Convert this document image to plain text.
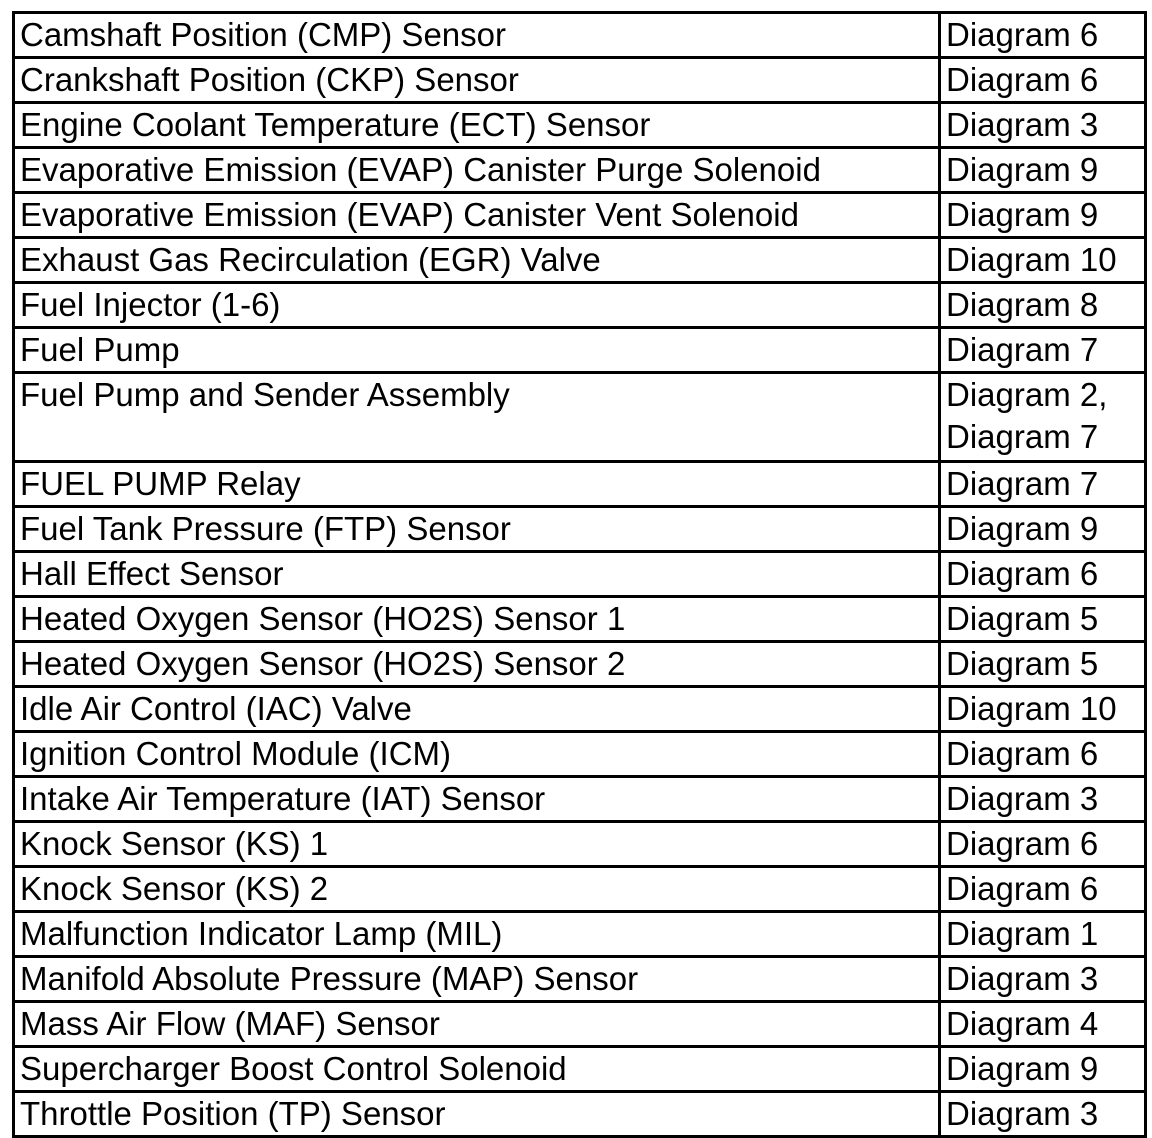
Camshaft Position (CMP) Sensor	Diagram 6

Crankshaft Position (CKP) Sensor	Diagram 6

Engine Coolant Temperature (ECT) Sensor	Diagram 3

Evaporative Emission (EVAP) Canister Purge Solenoid	Diagram 9

Evaporative Emission (EVAP) Canister Vent Solenoid	Diagram 9

Exhaust Gas Recirculation (EGR) Valve	Diagram 10

Fuel Injector (1-6)	Diagram 8

Fuel Pump	Diagram 7

Fuel Pump and Sender Assembly	Diagram 2,
Diagram 7

FUEL PUMP Relay	Diagram 7

Fuel Tank Pressure (FTP) Sensor	Diagram 9

Hall Effect Sensor	Diagram 6

Heated Oxygen Sensor (HO2S) Sensor 1	Diagram 5

Heated Oxygen Sensor (HO2S) Sensor 2	Diagram 5

Idle Air Control (IAC) Valve	Diagram 10

Ignition Control Module (ICM)	Diagram 6

Intake Air Temperature (IAT) Sensor	Diagram 3

Knock Sensor (KS) 1	Diagram 6

Knock Sensor (KS) 2	Diagram 6

Malfunction Indicator Lamp (MIL)	Diagram 1

Manifold Absolute Pressure (MAP) Sensor	Diagram 3

Mass Air Flow (MAF) Sensor	Diagram 4

Supercharger Boost Control Solenoid	Diagram 9

Throttle Position (TP) Sensor	Diagram 3
